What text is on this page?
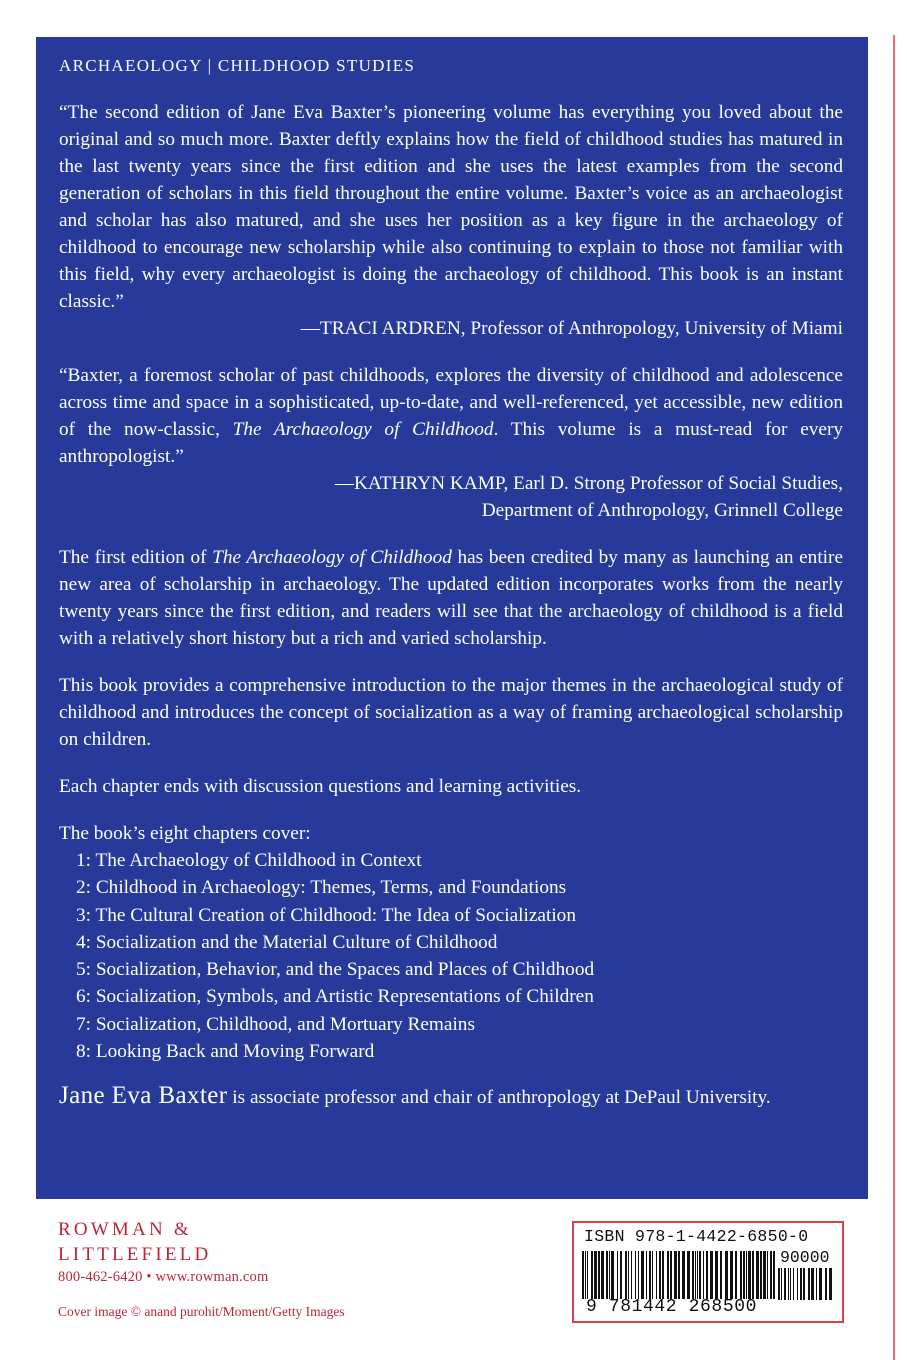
ARCHAEOLOGY | CHILDHOOD STUDIES

“The second edition of Jane Eva Baxter’s pioneering volume has everything you loved about the original and so much more. Baxter deftly explains how the field of childhood studies has matured in the last twenty years since the first edition and she uses the latest examples from the second generation of scholars in this field throughout the entire volume. Baxter’s voice as an archaeologist and scholar has also matured, and she uses her position as a key figure in the archaeology of childhood to encourage new scholarship while also continuing to explain to those not familiar with this field, why every archaeologist is doing the archaeology of childhood. This book is an instant classic.”

—TRACI ARDREN, Professor of Anthropology, University of Miami

“Baxter, a foremost scholar of past childhoods, explores the diversity of childhood and adolescence across time and space in a sophisticated, up-to-date, and well-referenced, yet accessible, new edition of the now-classic, The Archaeology of Childhood. This volume is a must-read for every anthropologist.”

—KATHRYN KAMP, Earl D. Strong Professor of Social Studies,

Department of Anthropology, Grinnell College

The first edition of The Archaeology of Childhood has been credited by many as launching an entire new area of scholarship in archaeology. The updated edition incorporates works from the nearly twenty years since the first edition, and readers will see that the archaeology of childhood is a field with a relatively short history but a rich and varied scholarship.

This book provides a comprehensive introduction to the major themes in the archaeological study of childhood and introduces the concept of socialization as a way of framing archaeological scholarship on children.

Each chapter ends with discussion questions and learning activities.

The book’s eight chapters cover:

1: The Archaeology of Childhood in Context
2: Childhood in Archaeology: Themes, Terms, and Foundations
3: The Cultural Creation of Childhood: The Idea of Socialization
4: Socialization and the Material Culture of Childhood
5: Socialization, Behavior, and the Spaces and Places of Childhood
6: Socialization, Symbols, and Artistic Representations of Children
7: Socialization, Childhood, and Mortuary Remains
8: Looking Back and Moving Forward

Jane Eva Baxter is associate professor and chair of anthropology at DePaul University.

ROWMAN &
LITTLEFIELD
800-462-6420 • www.rowman.com
Cover image © anand purohit/Moment/Getty Images
ISBN 978-1-4422-6850-0
90000
9 781442 268500
